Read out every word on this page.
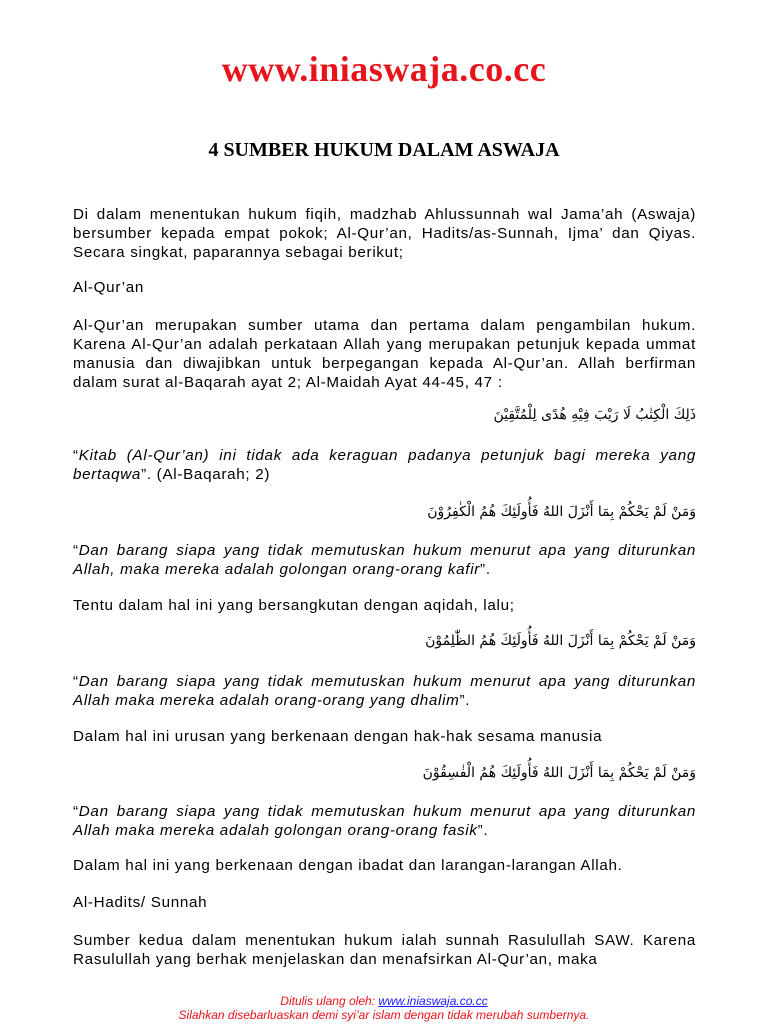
www.iniaswaja.co.cc
4 SUMBER HUKUM DALAM ASWAJA

Di dalam menentukan hukum fiqih, madzhab Ahlussunnah wal Jama’ah (Aswaja) bersumber kepada empat pokok; Al-Qur’an, Hadits/as-Sunnah, Ijma’ dan Qiyas. Secara singkat, paparannya sebagai berikut;

Al-Qur’an

Al-Qur’an merupakan sumber utama dan pertama dalam pengambilan hukum. Karena Al-Qur’an adalah perkataan Allah yang merupakan petunjuk kepada ummat manusia dan diwajibkan untuk berpegangan kepada Al-Qur’an. Allah berfirman dalam surat al-Baqarah ayat 2; Al-Maidah Ayat 44-45, 47 :

ذَلِكَ الْكِتٰبُ لَا رَيْبَ فِيْهِ هُدًى لِلْمُتَّقِيْنَ

“Kitab (Al-Qur’an) ini tidak ada keraguan padanya petunjuk bagi mereka yang bertaqwa”. (Al-Baqarah; 2)

وَمَنْ لَمْ يَحْكُمْ بِمَا أَنْزَلَ اللهُ فَأُولَئِكَ هُمُ الْكٰفِرُوْنَ

“Dan barang siapa yang tidak memutuskan hukum menurut apa yang diturunkan Allah, maka mereka adalah golongan orang-orang kafir”.

Tentu dalam hal ini yang bersangkutan dengan aqidah, lalu;

وَمَنْ لَمْ يَحْكُمْ بِمَا أَنْزَلَ اللهُ فَأُولَئِكَ هُمُ الظّٰلِمُوْنَ

“Dan barang siapa yang tidak memutuskan hukum menurut apa yang diturunkan Allah maka mereka adalah orang-orang yang dhalim”.

Dalam hal ini urusan yang berkenaan dengan hak-hak sesama manusia

وَمَنْ لَمْ يَحْكُمْ بِمَا أَنْزَلَ اللهُ فَأُولَئِكَ هُمُ الْفٰسِقُوْنَ

“Dan barang siapa yang tidak memutuskan hukum menurut apa yang diturunkan Allah maka mereka adalah golongan orang-orang fasik”.

Dalam hal ini yang berkenaan dengan ibadat dan larangan-larangan Allah.

Al-Hadits/ Sunnah

Sumber kedua dalam menentukan hukum ialah sunnah Rasulullah SAW. Karena Rasulullah yang berhak menjelaskan dan menafsirkan Al-Qur’an, maka

Ditulis ulang oleh: www.iniaswaja.co.cc

Silahkan disebarluaskan demi syi’ar islam dengan tidak merubah sumbernya.
